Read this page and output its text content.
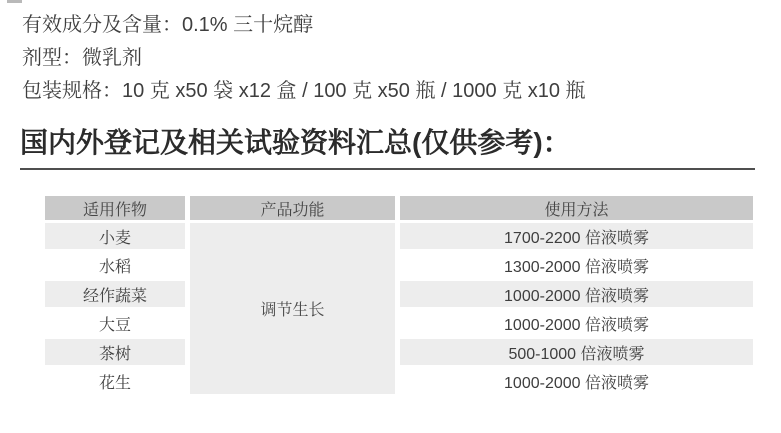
有效成分及含量：0.1% 三十烷醇
剂型：微乳剂
包装规格：10 克 x50 袋 x12 盒 / 100 克 x50 瓶 / 1000 克 x10 瓶
国内外登记及相关试验资料汇总(仅供参考)：
适用作物	产品功能	使用方法
小麦	调节生长	1700-2200 倍液喷雾
水稻		1300-2000 倍液喷雾
经作蔬菜		1000-2000 倍液喷雾
大豆		1000-2000 倍液喷雾
茶树		500-1000 倍液喷雾
花生		1000-2000 倍液喷雾
